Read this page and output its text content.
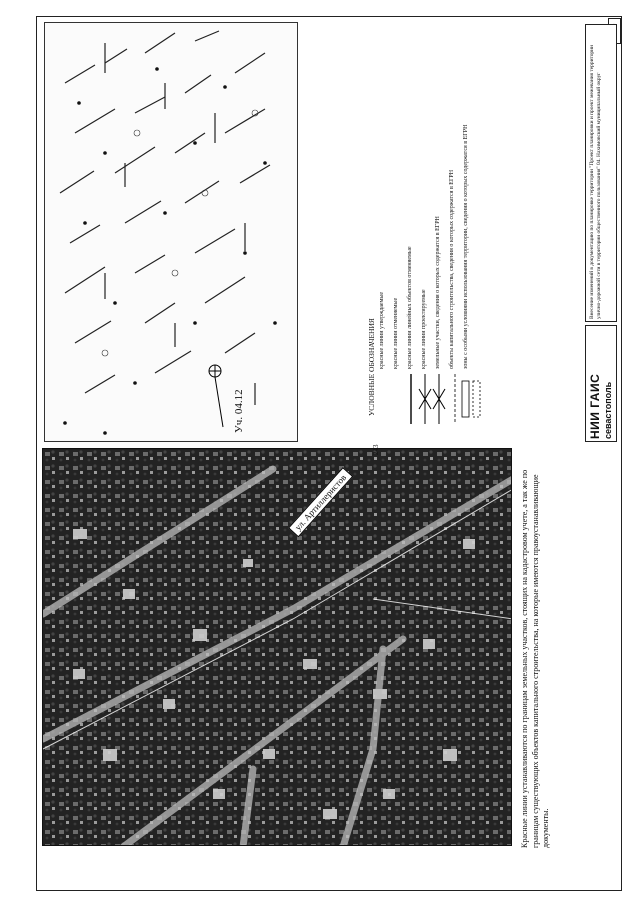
Уч. 04.12	УСЛОВНЫЕ ОБОЗНАЧЕНИЯ красные линии утверждаемые красные линии отменяемые красные линии линейных объектов отменяемые красные линии проектируемые земельные участки, сведения о которых содержатся в ЕГРН объекты капитального строительства, сведения о которых содержатся в ЕГРН зоны с особыми условиями использования территории, сведения о которых содержатся в ЕГРН
НИИ ГАИС севастополь
Внесение изменений в документацию по планировке территории "Проект планировки и проект межевания территории улично-дорожной сети в территории общественного пользования" 04. Нахимовский муниципальный округ
ул. Артиллеристов
243
Красные линии устанавливаются по границам земельных участков, стоящих на кадастровом учете, а так же по границам существующих объектов капитального строительства, на которые имеются правоустанавливающие документы.
